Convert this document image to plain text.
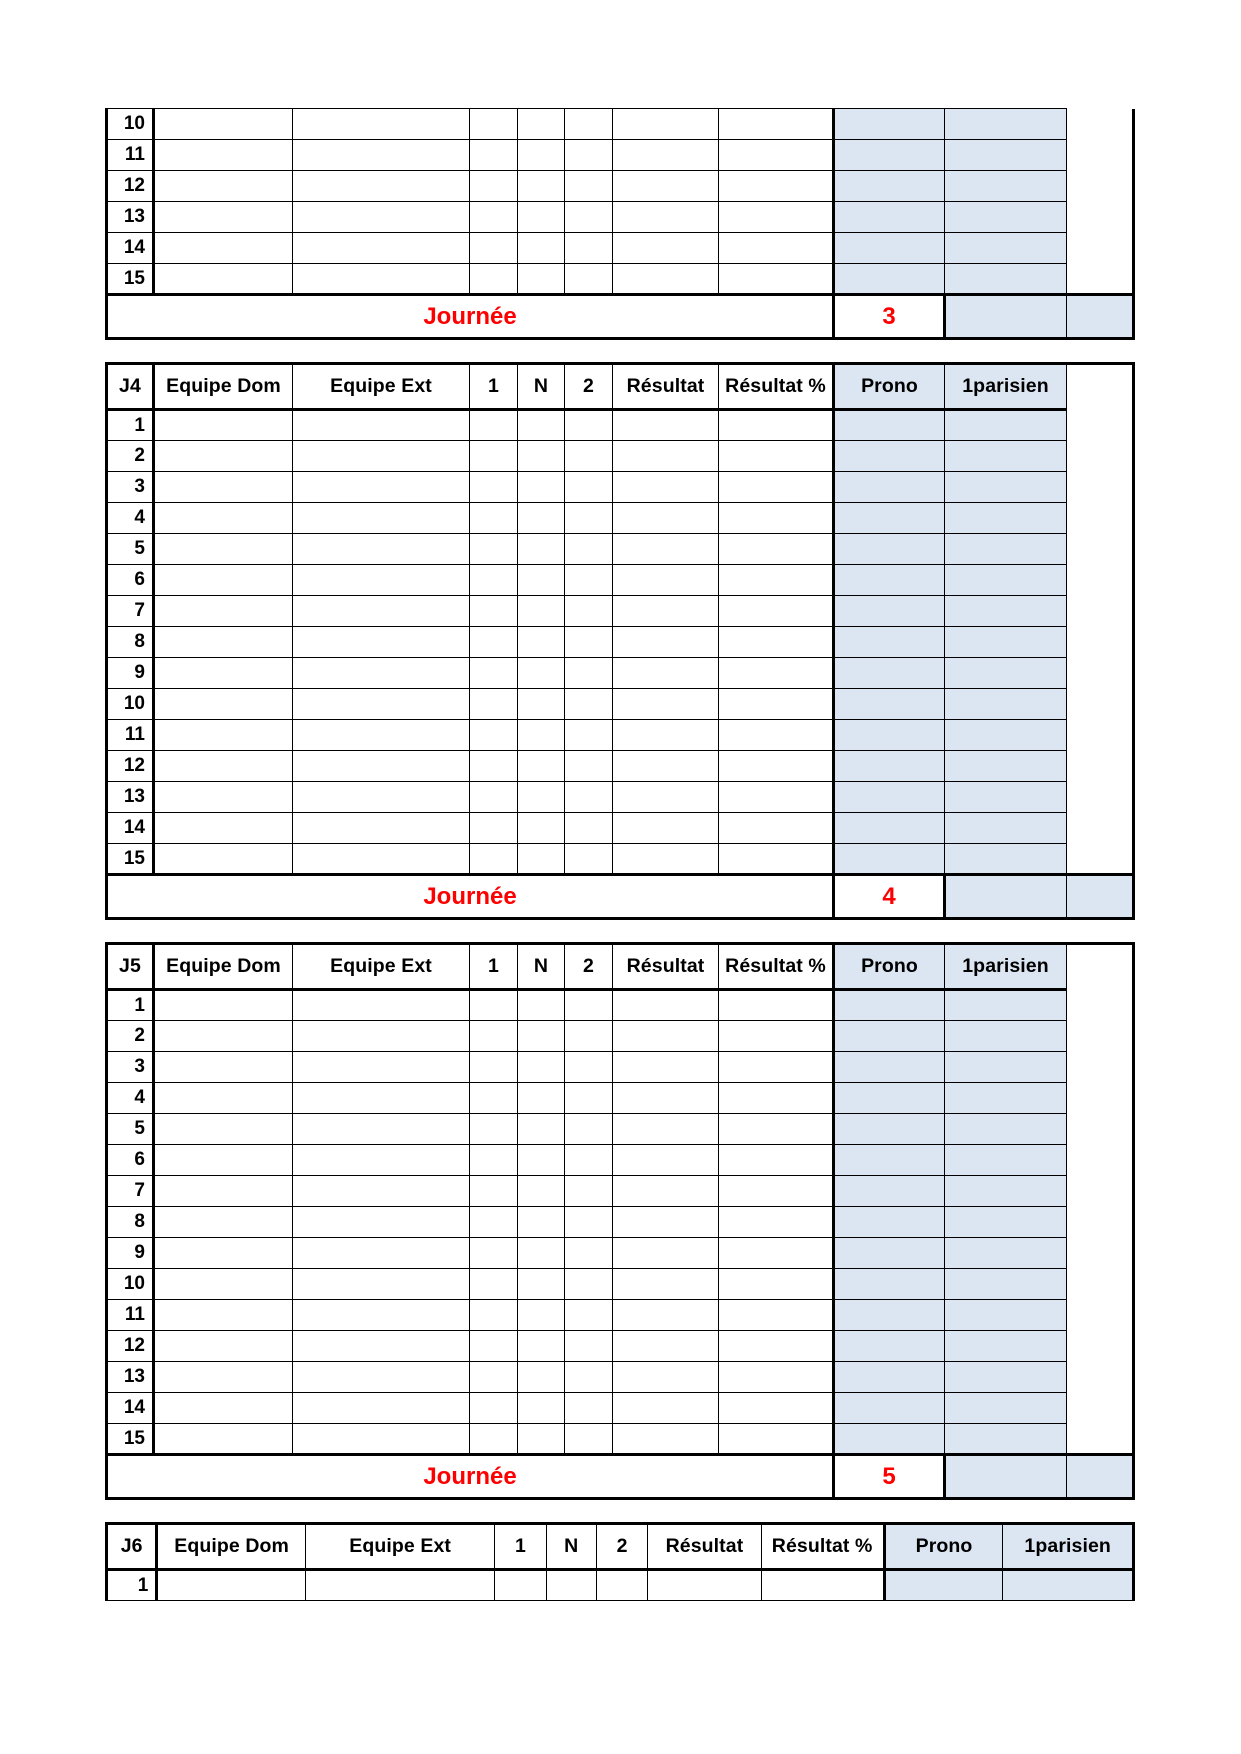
10										
11										
12										
13										
14										
15										
Journée								3		
J4	Equipe Dom	Equipe Ext	1	N	2	Résultat	Résultat %	Prono	1parisien	
1										
2										
3										
4										
5										
6										
7										
8										
9										
10										
11										
12										
13										
14										
15										
Journée								4		
J5	Equipe Dom	Equipe Ext	1	N	2	Résultat	Résultat %	Prono	1parisien	
1										
2										
3										
4										
5										
6										
7										
8										
9										
10										
11										
12										
13										
14										
15										
Journée								5		
J6	Equipe Dom	Equipe Ext	1	N	2	Résultat	Résultat %	Prono	1parisien
1									
